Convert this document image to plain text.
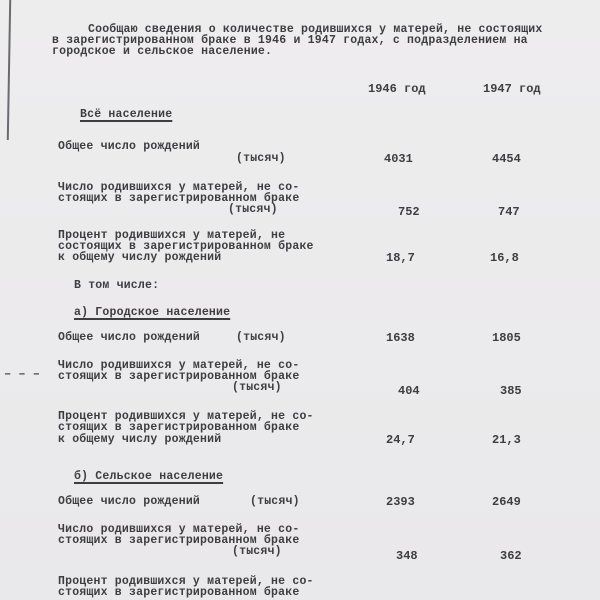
Сообщаю сведения о количестве родившихся у матерей, не состоящих
в зарегистрированном браке в 1946 и 1947 годах, с подразделением на
городское и сельское население.
1946 год	1947 год
Всё население
Общее число рождений
(тысяч)	4031	4454
Число родившихся у матерей, не со-
стоящих в зарегистрированном браке
(тысяч)	752	747
Процент родившихся у матерей, не
состоящих в зарегистрированном браке
к общему числу рождений	18,7	16,8
В том числе:
а) Городское население
Общее число рождений	(тысяч)	1638	1805
– – –
Число родившихся у матерей, не со-
стоящих в зарегистрированном браке
(тысяч)	404	385
Процент родившихся у матерей, не со-
стоящих в зарегистрированном браке
к общему числу рождений	24,7	21,3
б) Сельское население
Общее число рождений	(тысяч)	2393	2649
Число родившихся у матерей, не со-
стоящих в зарегистрированном браке
(тысяч)	348	362
Процент родившихся у матерей, не со-
стоящих в зарегистрированном браке
